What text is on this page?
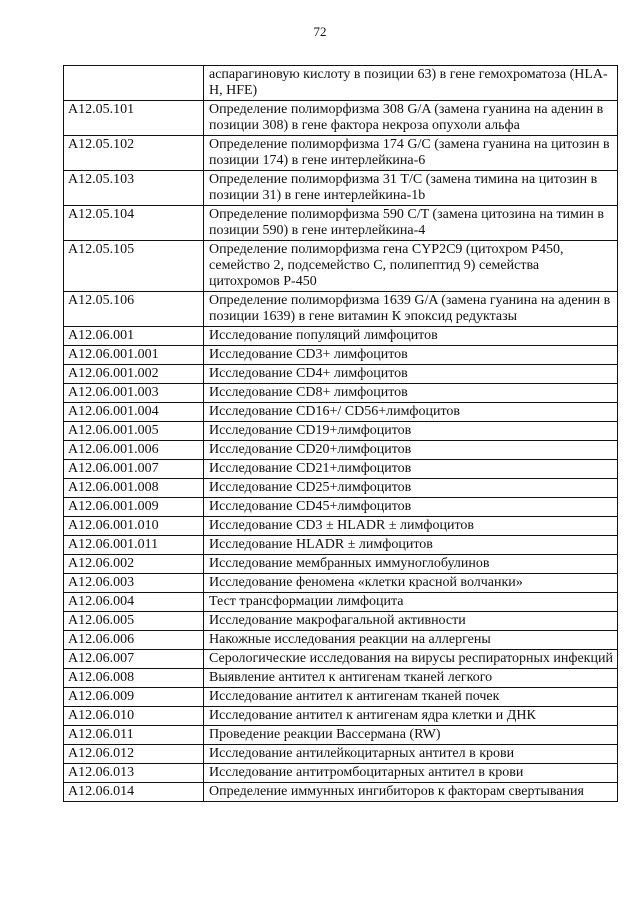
72
	аспарагиновую кислоту в позиции 63) в гене гемохроматоза (HLA-H, HFE)
A12.05.101	Определение полиморфизма 308 G/A (замена гуанина на аденин в позиции 308) в гене фактора некроза опухоли альфа
A12.05.102	Определение полиморфизма 174 G/C (замена гуанина на цитозин в позиции 174) в гене интерлейкина-6
A12.05.103	Определение полиморфизма 31 T/C (замена тимина на цитозин в позиции 31) в гене интерлейкина-1b
A12.05.104	Определение полиморфизма 590 C/T (замена цитозина на тимин в позиции 590) в гене интерлейкина-4
A12.05.105	Определение полиморфизма гена CYP2C9 (цитохром P450, семейство 2, подсемейство C, полипептид 9) семейства цитохромов P-450
A12.05.106	Определение полиморфизма 1639 G/A (замена гуанина на аденин в позиции 1639) в гене витамин К эпоксид редуктазы
A12.06.001	Исследование популяций лимфоцитов
A12.06.001.001	Исследование CD3+ лимфоцитов
A12.06.001.002	Исследование CD4+ лимфоцитов
A12.06.001.003	Исследование CD8+ лимфоцитов
A12.06.001.004	Исследование CD16+/ CD56+лимфоцитов
A12.06.001.005	Исследование CD19+лимфоцитов
A12.06.001.006	Исследование CD20+лимфоцитов
A12.06.001.007	Исследование CD21+лимфоцитов
A12.06.001.008	Исследование CD25+лимфоцитов
A12.06.001.009	Исследование CD45+лимфоцитов
A12.06.001.010	Исследование CD3 ± HLADR ± лимфоцитов
A12.06.001.011	Исследование HLADR ± лимфоцитов
A12.06.002	Исследование мембранных иммуноглобулинов
A12.06.003	Исследование феномена «клетки красной волчанки»
A12.06.004	Тест трансформации лимфоцита
A12.06.005	Исследование макрофагальной активности
A12.06.006	Накожные исследования реакции на аллергены
A12.06.007	Серологические исследования на вирусы респираторных инфекций
A12.06.008	Выявление антител к антигенам тканей легкого
A12.06.009	Исследование антител к антигенам тканей почек
A12.06.010	Исследование антител к антигенам ядра клетки и ДНК
A12.06.011	Проведение реакции Вассермана (RW)
A12.06.012	Исследование антилейкоцитарных антител в крови
A12.06.013	Исследование антитромбоцитарных антител в крови
A12.06.014	Определение иммунных ингибиторов к факторам свертывания
